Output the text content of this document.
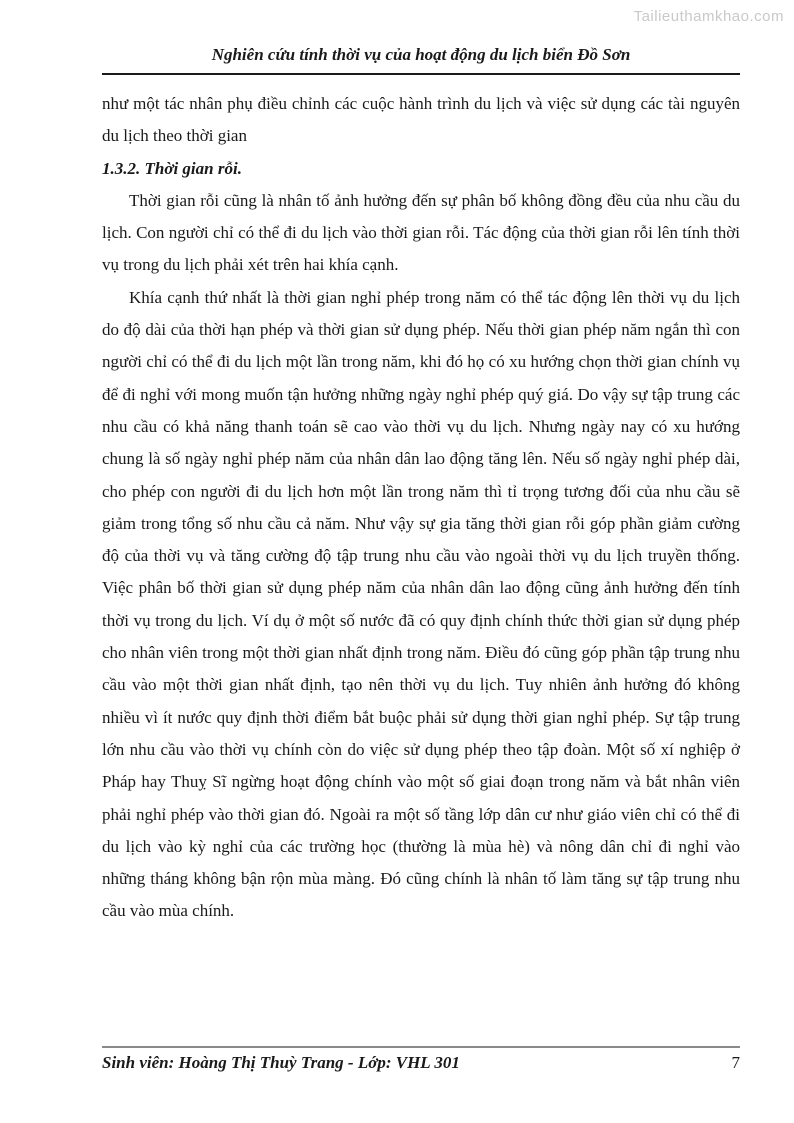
Tailieuthamkhao.com
Nghiên cứu tính thời vụ của hoạt động du lịch biển Đồ Sơn

như một tác nhân phụ điều chỉnh các cuộc hành trình du lịch và việc sử dụng các tài nguyên du lịch theo thời gian

1.3.2. Thời gian rỗi.

Thời gian rỗi cũng là nhân tố ảnh hưởng đến sự phân bố không đồng đều của nhu cầu du lịch. Con người chỉ có thể đi du lịch vào thời gian rỗi. Tác động của thời gian rỗi lên tính thời vụ trong du lịch phải xét trên hai khía cạnh.

Khía cạnh thứ nhất là thời gian nghỉ phép trong năm có thể tác động lên thời vụ du lịch do độ dài của thời hạn phép và thời gian sử dụng phép. Nếu thời gian phép năm ngắn thì con người chỉ có thể đi du lịch một lần trong năm, khi đó họ có xu hướng chọn thời gian chính vụ để đi nghỉ với mong muốn tận hưởng những ngày nghỉ phép quý giá. Do vậy sự tập trung các nhu cầu có khả năng thanh toán sẽ cao vào thời vụ du lịch. Nhưng ngày nay có xu hướng chung là số ngày nghỉ phép năm của nhân dân lao động tăng lên. Nếu số ngày nghỉ phép dài, cho phép con người đi du lịch hơn một lần trong năm thì tỉ trọng tương đối của nhu cầu sẽ giảm trong tổng số nhu cầu cả năm. Như vậy sự gia tăng thời gian rỗi góp phần giảm cường độ của thời vụ và tăng cường độ tập trung nhu cầu vào ngoài thời vụ du lịch truyền thống. Việc phân bố thời gian sử dụng phép năm của nhân dân lao động cũng ảnh hưởng đến tính thời vụ trong du lịch. Ví dụ ở một số nước đã có quy định chính thức thời gian sử dụng phép cho nhân viên trong một thời gian nhất định trong năm. Điều đó cũng góp phần tập trung nhu cầu vào một thời gian nhất định, tạo nên thời vụ du lịch. Tuy nhiên ảnh hưởng đó không nhiều vì ít nước quy định thời điểm bắt buộc phải sử dụng thời gian nghỉ phép. Sự tập trung lớn nhu cầu vào thời vụ chính còn do việc sử dụng phép theo tập đoàn. Một số xí nghiệp ở Pháp hay Thuỵ Sĩ ngừng hoạt động chính vào một số giai đoạn trong năm và bắt nhân viên phải nghỉ phép vào thời gian đó. Ngoài ra một số tầng lớp dân cư như giáo viên chỉ có thể đi du lịch vào kỳ nghỉ của các trường học (thường là mùa hè) và nông dân chỉ đi nghỉ vào những tháng không bận rộn mùa màng. Đó cũng chính là nhân tố làm tăng sự tập trung nhu cầu vào mùa chính.

Sinh viên: Hoàng Thị Thuỳ Trang - Lớp: VHL 301	7
